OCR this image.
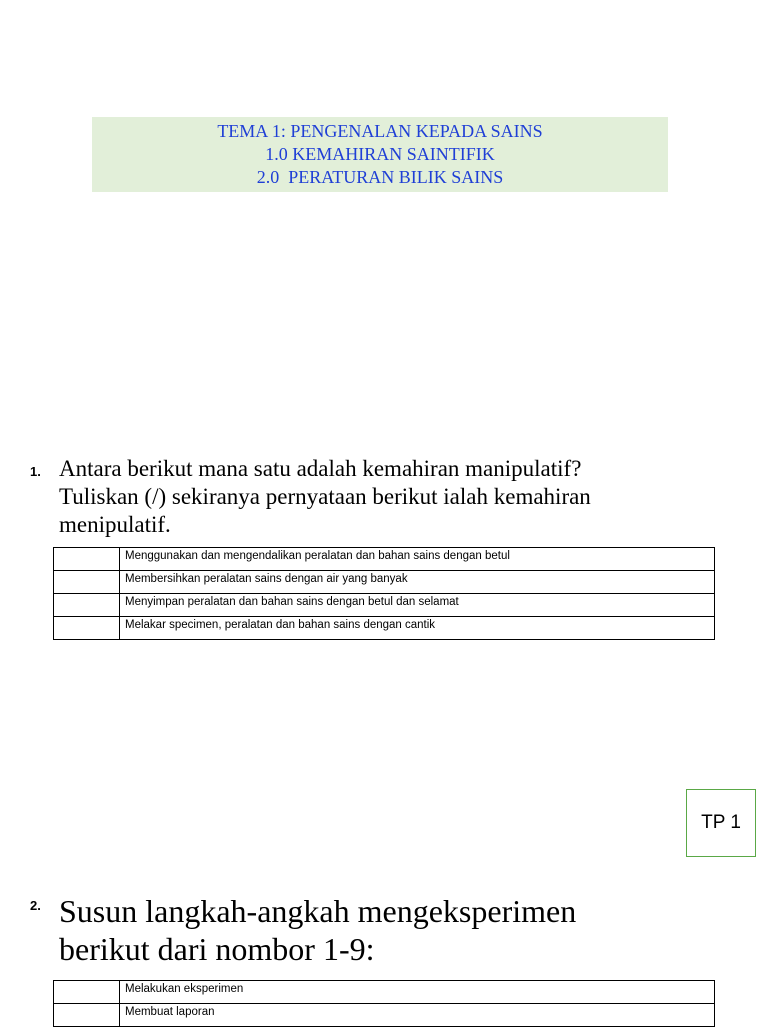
TEMA 1: PENGENALAN KEPADA SAINS
1.0 KEMAHIRAN SAINTIFIK
2.0  PERATURAN BILIK SAINS
1. Antara berikut mana satu adalah kemahiran manipulatif?
Tuliskan (/) sekiranya pernyataan berikut ialah kemahiran
menipulatif.
	Menggunakan dan mengendalikan peralatan dan bahan sains dengan betul
	Membersihkan peralatan sains dengan air yang banyak
	Menyimpan peralatan dan bahan sains dengan betul dan selamat
	Melakar specimen, peralatan dan bahan sains dengan cantik
TP 1
2. Susun langkah-angkah mengeksperimen
berikut dari nombor 1-9:
	Melakukan eksperimen
	Membuat laporan
